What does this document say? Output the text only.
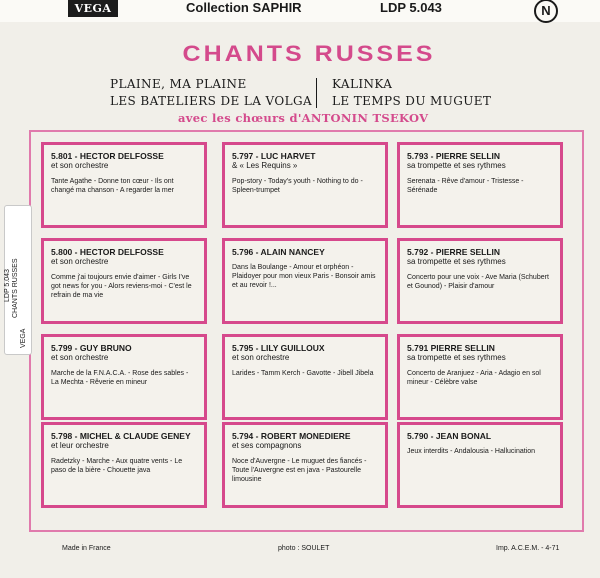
VEGA	Collection SAPHIR	LDP 5.043	N
CHANTS RUSSES
PLAINE, MA PLAINE
LES BATELIERS DE LA VOLGA
KALINKA
LE TEMPS DU MUGUET
avec les chœurs d'ANTONIN TSEKOV
LDP 5.043 CHANTS RUSSES
VEGA
5.801 - HECTOR DELFOSSE
et son orchestre
Tante Agathe - Donne ton cœur - Ils ont changé ma chanson - A regarder la mer
5.797 - LUC HARVET
& « Les Requins »
Pop-story - Today's youth - Nothing to do - Spleen-trumpet
5.793 - PIERRE SELLIN
sa trompette et ses rythmes
Serenata - Rêve d'amour - Tristesse - Sérénade
5.800 - HECTOR DELFOSSE
et son orchestre
Comme j'ai toujours envie d'aimer - Girls I've got news for you - Alors reviens-moi - C'est le refrain de ma vie
5.796 - ALAIN NANCEY
Dans la Boulange - Amour et orphéon - Plaidoyer pour mon vieux Paris - Bonsoir amis et au revoir !...
5.792 - PIERRE SELLIN
sa trompette et ses rythmes
Concerto pour une voix - Ave Maria (Schubert et Gounod) - Plaisir d'amour
5.799 - GUY BRUNO
et son orchestre
Marche de la F.N.A.C.A. - Rose des sables - La Mechta - Rêverie en mineur
5.795 - LILY GUILLOUX
et son orchestre
Larides - Tamm Kerch - Gavotte - Jibell Jibela
5.791 PIERRE SELLIN
sa trompette et ses rythmes
Concerto de Aranjuez - Aria - Adagio en sol mineur - Célèbre valse
5.798 - MICHEL & CLAUDE GENEY
et leur orchestre
Radetzky - Marche - Aux quatre vents - Le paso de la bière - Chouette java
5.794 - ROBERT MONEDIERE
et ses compagnons
Noce d'Auvergne - Le muguet des fiancés - Toute l'Auvergne est en java - Pastourelle limousine
5.790 - JEAN BONAL
Jeux interdits - Andalousia - Hallucination
Made in France	photo : SOULET	Imp. A.C.E.M. - 4-71
